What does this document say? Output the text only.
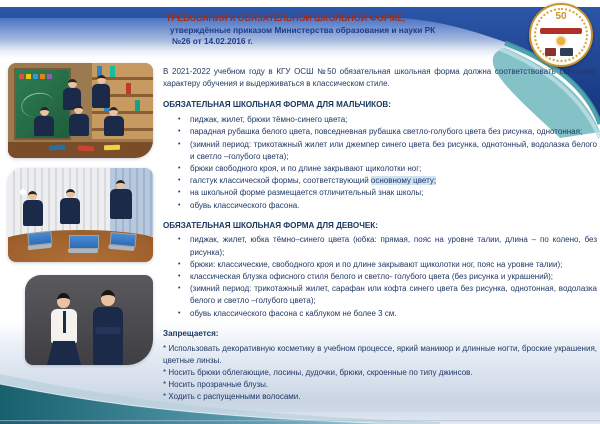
50
ТРЕБОВАНИЯ К ОБЯЗАТЕЛЬНОЙ ШКОЛЬНОЙ ФОРМЕ,
утверждённые приказом Министерства образования и науки РК
№26 от 14.02.2016 г.

В 2021-2022 учебном году в КГУ ОСШ №50 обязательная школьная форма должна соответствовать светскому характеру обучения и выдерживаться в классическом стиле.

ОБЯЗАТЕЛЬНАЯ ШКОЛЬНАЯ ФОРМА ДЛЯ МАЛЬЧИКОВ:
•	пиджак, жилет, брюки тёмно-синего цвета;
•	парадная рубашка белого цвета, повседневная рубашка светло-голубого цвета без рисунка, однотонная;
•	(зимний период: трикотажный жилет или джемпер синего цвета без рисунка, однотонный, водолазка белого и светло –голубого цвета);
•	брюки свободного кроя, и по длине закрывают щиколотки ног;
•	галстук классической формы, соответствующий основному цвету;
•	на школьной форме размещается отличительный знак школы;
•	обувь классического фасона.
ОБЯЗАТЕЛЬНАЯ ШКОЛЬНАЯ ФОРМА ДЛЯ ДЕВОЧЕК:
•	пиджак, жилет, юбка тёмно–синего цвета (юбка: прямая, пояс на уровне талии, длина – по колено, без рисунка);
•	брюки: классические, свободного кроя и по длине закрывают щиколотки ног, пояс на уровне талии);
•	классическая блузка офисного стиля белого и светло- голубого цвета (без рисунка и украшений);
•	(зимний период: трикотажный жилет, сарафан или кофта синего цвета без рисунка, однотонная, водолазка белого и светло –голубого цвета);
•	обувь классического фасона с каблуком не более 3 см.
Запрещается:
* Использовать декоративную косметику в учебном процессе, яркий маникюр и длинные ногти, броские украшения, цветные линзы.
* Носить брюки облегающие, лосины, дудочки, брюки, скроенные по типу джинсов.
* Носить прозрачные блузы.
* Ходить с распущенными волосами.
